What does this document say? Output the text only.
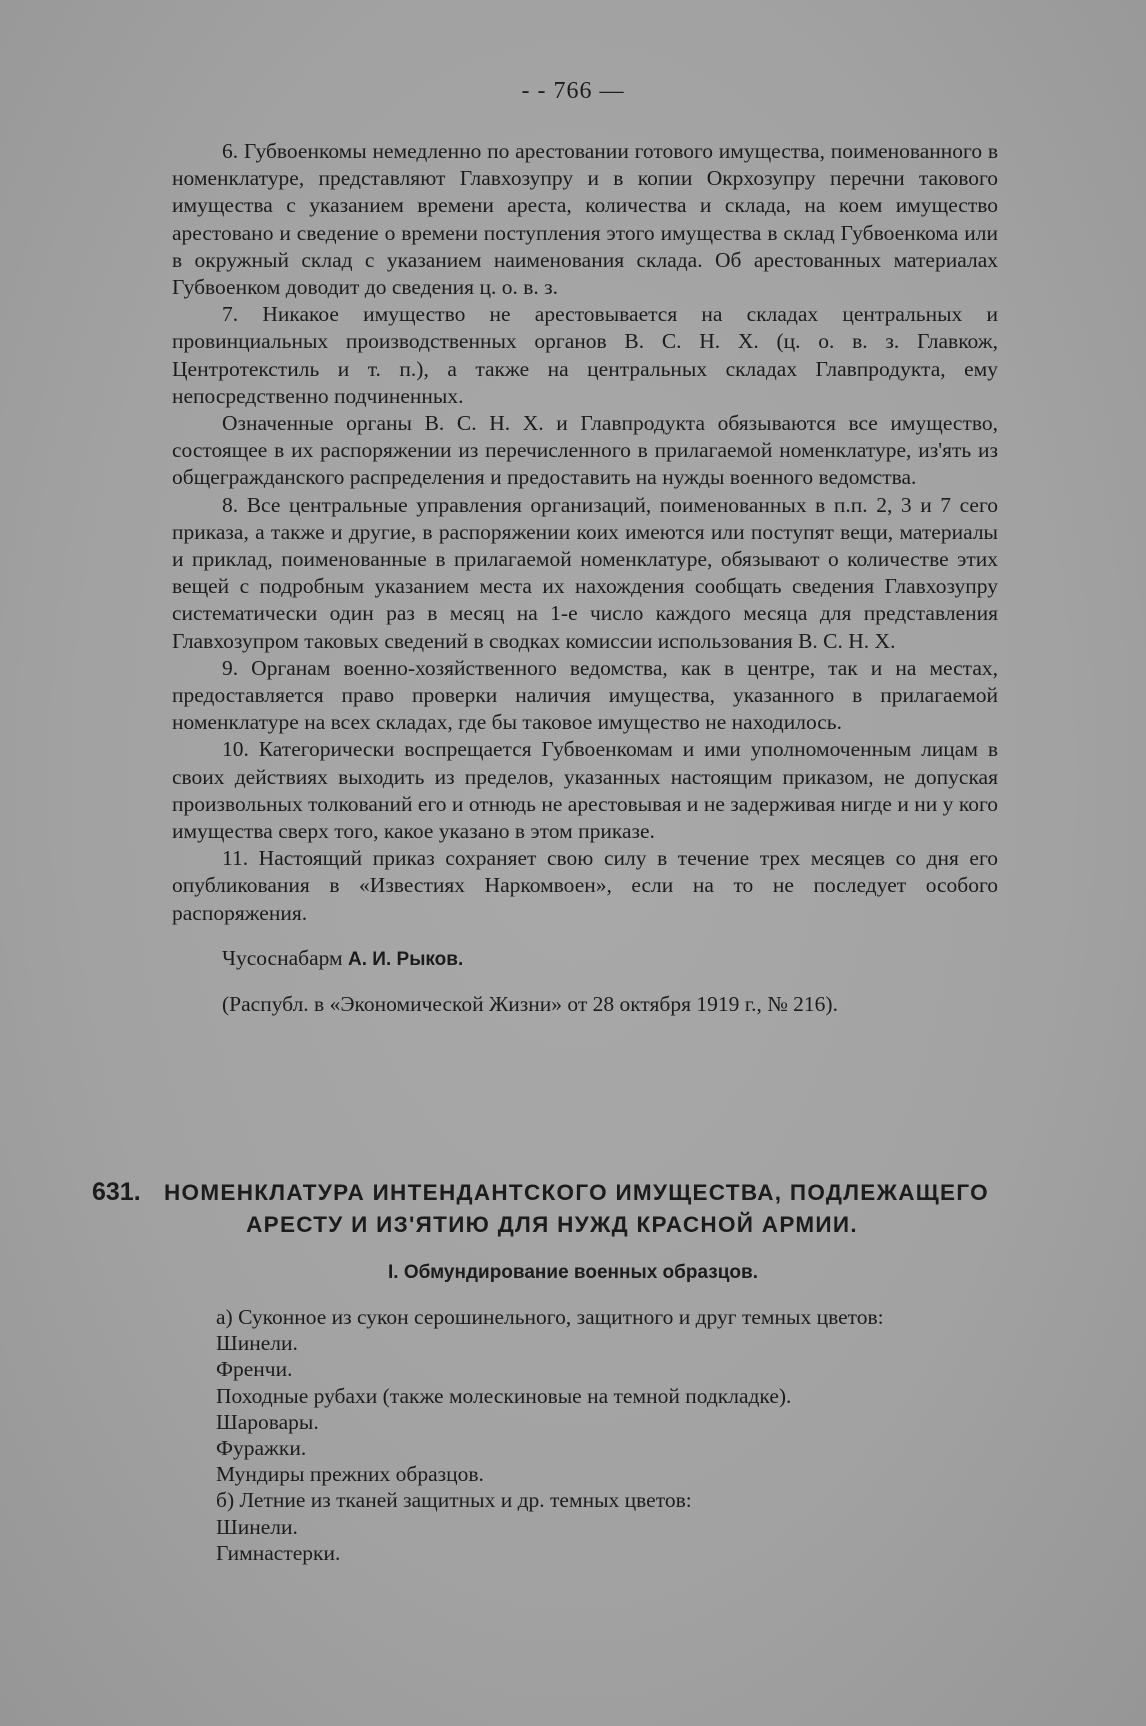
- - 766 —

6. Губвоенкомы немедленно по арестовании готового имущества, поименованного в номенклатуре, представляют Главхозупру и в копии Окрхозупру перечни такового имущества с указанием времени ареста, количества и склада, на коем имущество арестовано и сведение о времени поступления этого имущества в склад Губвоенкома или в окружный склад с указанием наименования склада. Об арестованных материалах Губвоенком доводит до сведения ц. о. в. з.

7. Никакое имущество не арестовывается на складах центральных и провинциальных производственных органов В. С. Н. Х. (ц. о. в. з. Главкож, Центротекстиль и т. п.), а также на центральных складах Главпродукта, ему непосредственно подчиненных.

Означенные органы В. С. Н. Х. и Главпродукта обязываются все имущество, состоящее в их распоряжении из перечисленного в прилагаемой номенклатуре, из'ять из общегражданского распределения и предоставить на нужды военного ведомства.

8. Все центральные управления организаций, поименованных в п.п. 2, 3 и 7 сего приказа, а также и другие, в распоряжении коих имеются или поступят вещи, материалы и приклад, поименованные в прилагаемой номенклатуре, обязывают о количестве этих вещей с подробным указанием места их нахождения сообщать сведения Главхозупру систематически один раз в месяц на 1-е число каждого месяца для представления Главхозупром таковых сведений в сводках комиссии использования В. С. Н. Х.

9. Органам военно-хозяйственного ведомства, как в центре, так и на местах, предоставляется право проверки наличия имущества, указанного в прилагаемой номенклатуре на всех складах, где бы таковое имущество не находилось.

10. Категорически воспрещается Губвоенкомам и ими уполномоченным лицам в своих действиях выходить из пределов, указанных настоящим приказом, не допуская произвольных толкований его и отнюдь не арестовывая и не задерживая нигде и ни у кого имущества сверх того, какое указано в этом приказе.

11. Настоящий приказ сохраняет свою силу в течение трех месяцев со дня его опубликования в «Известиях Наркомвоен», если на то не последует особого распоряжения.

Чусоснабарм А. И. Рыков.

(Распубл. в «Экономической Жизни» от 28 октября 1919 г., № 216).

631. НОМЕНКЛАТУРА ИНТЕНДАНТСКОГО ИМУЩЕСТВА, ПОДЛЕЖАЩЕГО
АРЕСТУ И ИЗ'ЯТИЮ ДЛЯ НУЖД КРАСНОЙ АРМИИ.
I. Обмундирование военных образцов.

а) Суконное из сукон серошинельного, защитного и друг темных цветов:

Шинели.
Френчи.
Походные рубахи (также молескиновые на темной подкладке).
Шаровары.
Фуражки.
Мундиры прежних образцов.
б) Летние из тканей защитных и др. темных цветов:
Шинели.
Гимнастерки.
